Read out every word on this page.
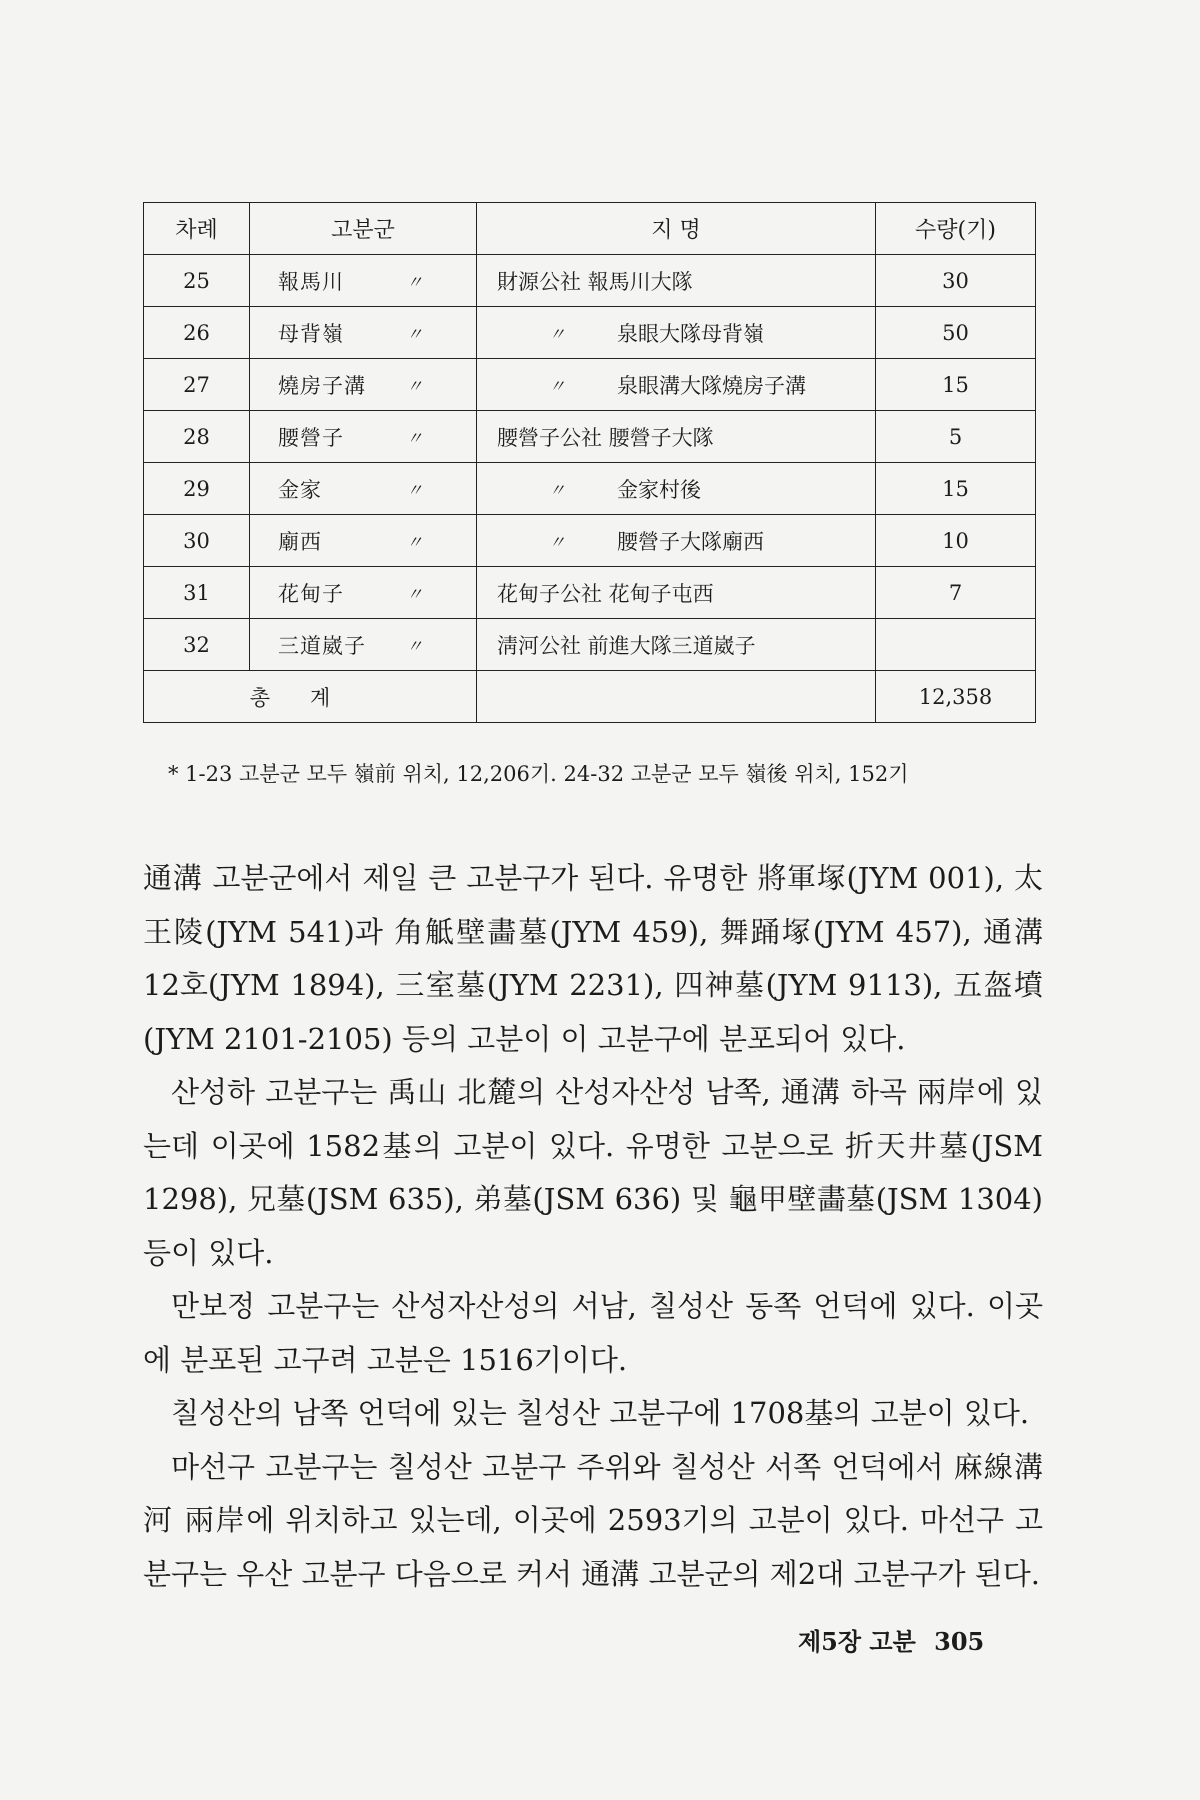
차례	고분군	지 명	수량(기)
25	報馬川 〃	財源公社 報馬川大隊	30
26	母背嶺 〃	〃 泉眼大隊母背嶺	50
27	燒房子溝 〃	〃 泉眼溝大隊燒房子溝	15
28	腰營子 〃	腰營子公社 腰營子大隊	5
29	金家 〃	〃 金家村後	15
30	廟西 〃	〃 腰營子大隊廟西	10
31	花甸子 〃	花甸子公社 花甸子屯西	7
32	三道崴子 〃	淸河公社 前進大隊三道崴子	

총계			12,358
* 1-23 고분군 모두 嶺前 위치, 12,206기. 24-32 고분군 모두 嶺後 위치, 152기

通溝 고분군에서 제일 큰 고분구가 된다. 유명한 將軍塚(JYM 001), 太王陵(JYM 541)과 角觝壁畵墓(JYM 459), 舞踊塚(JYM 457), 通溝 12호(JYM 1894), 三室墓(JYM 2231), 四神墓(JYM 9113), 五盔墳(JYM 2101-2105) 등의 고분이 이 고분구에 분포되어 있다.

산성하 고분구는 禹山 北麓의 산성자산성 남쪽, 通溝 하곡 兩岸에 있는데 이곳에 1582基의 고분이 있다. 유명한 고분으로 折天井墓(JSM 1298), 兄墓(JSM 635), 弟墓(JSM 636) 및 龜甲壁畵墓(JSM 1304) 등이 있다.

만보정 고분구는 산성자산성의 서남, 칠성산 동쪽 언덕에 있다. 이곳에 분포된 고구려 고분은 1516기이다.

칠성산의 남쪽 언덕에 있는 칠성산 고분구에 1708基의 고분이 있다.

마선구 고분구는 칠성산 고분구 주위와 칠성산 서쪽 언덕에서 麻線溝河 兩岸에 위치하고 있는데, 이곳에 2593기의 고분이 있다. 마선구 고분구는 우산 고분구 다음으로 커서 通溝 고분군의 제2대 고분구가 된다.

제5장 고분 305
